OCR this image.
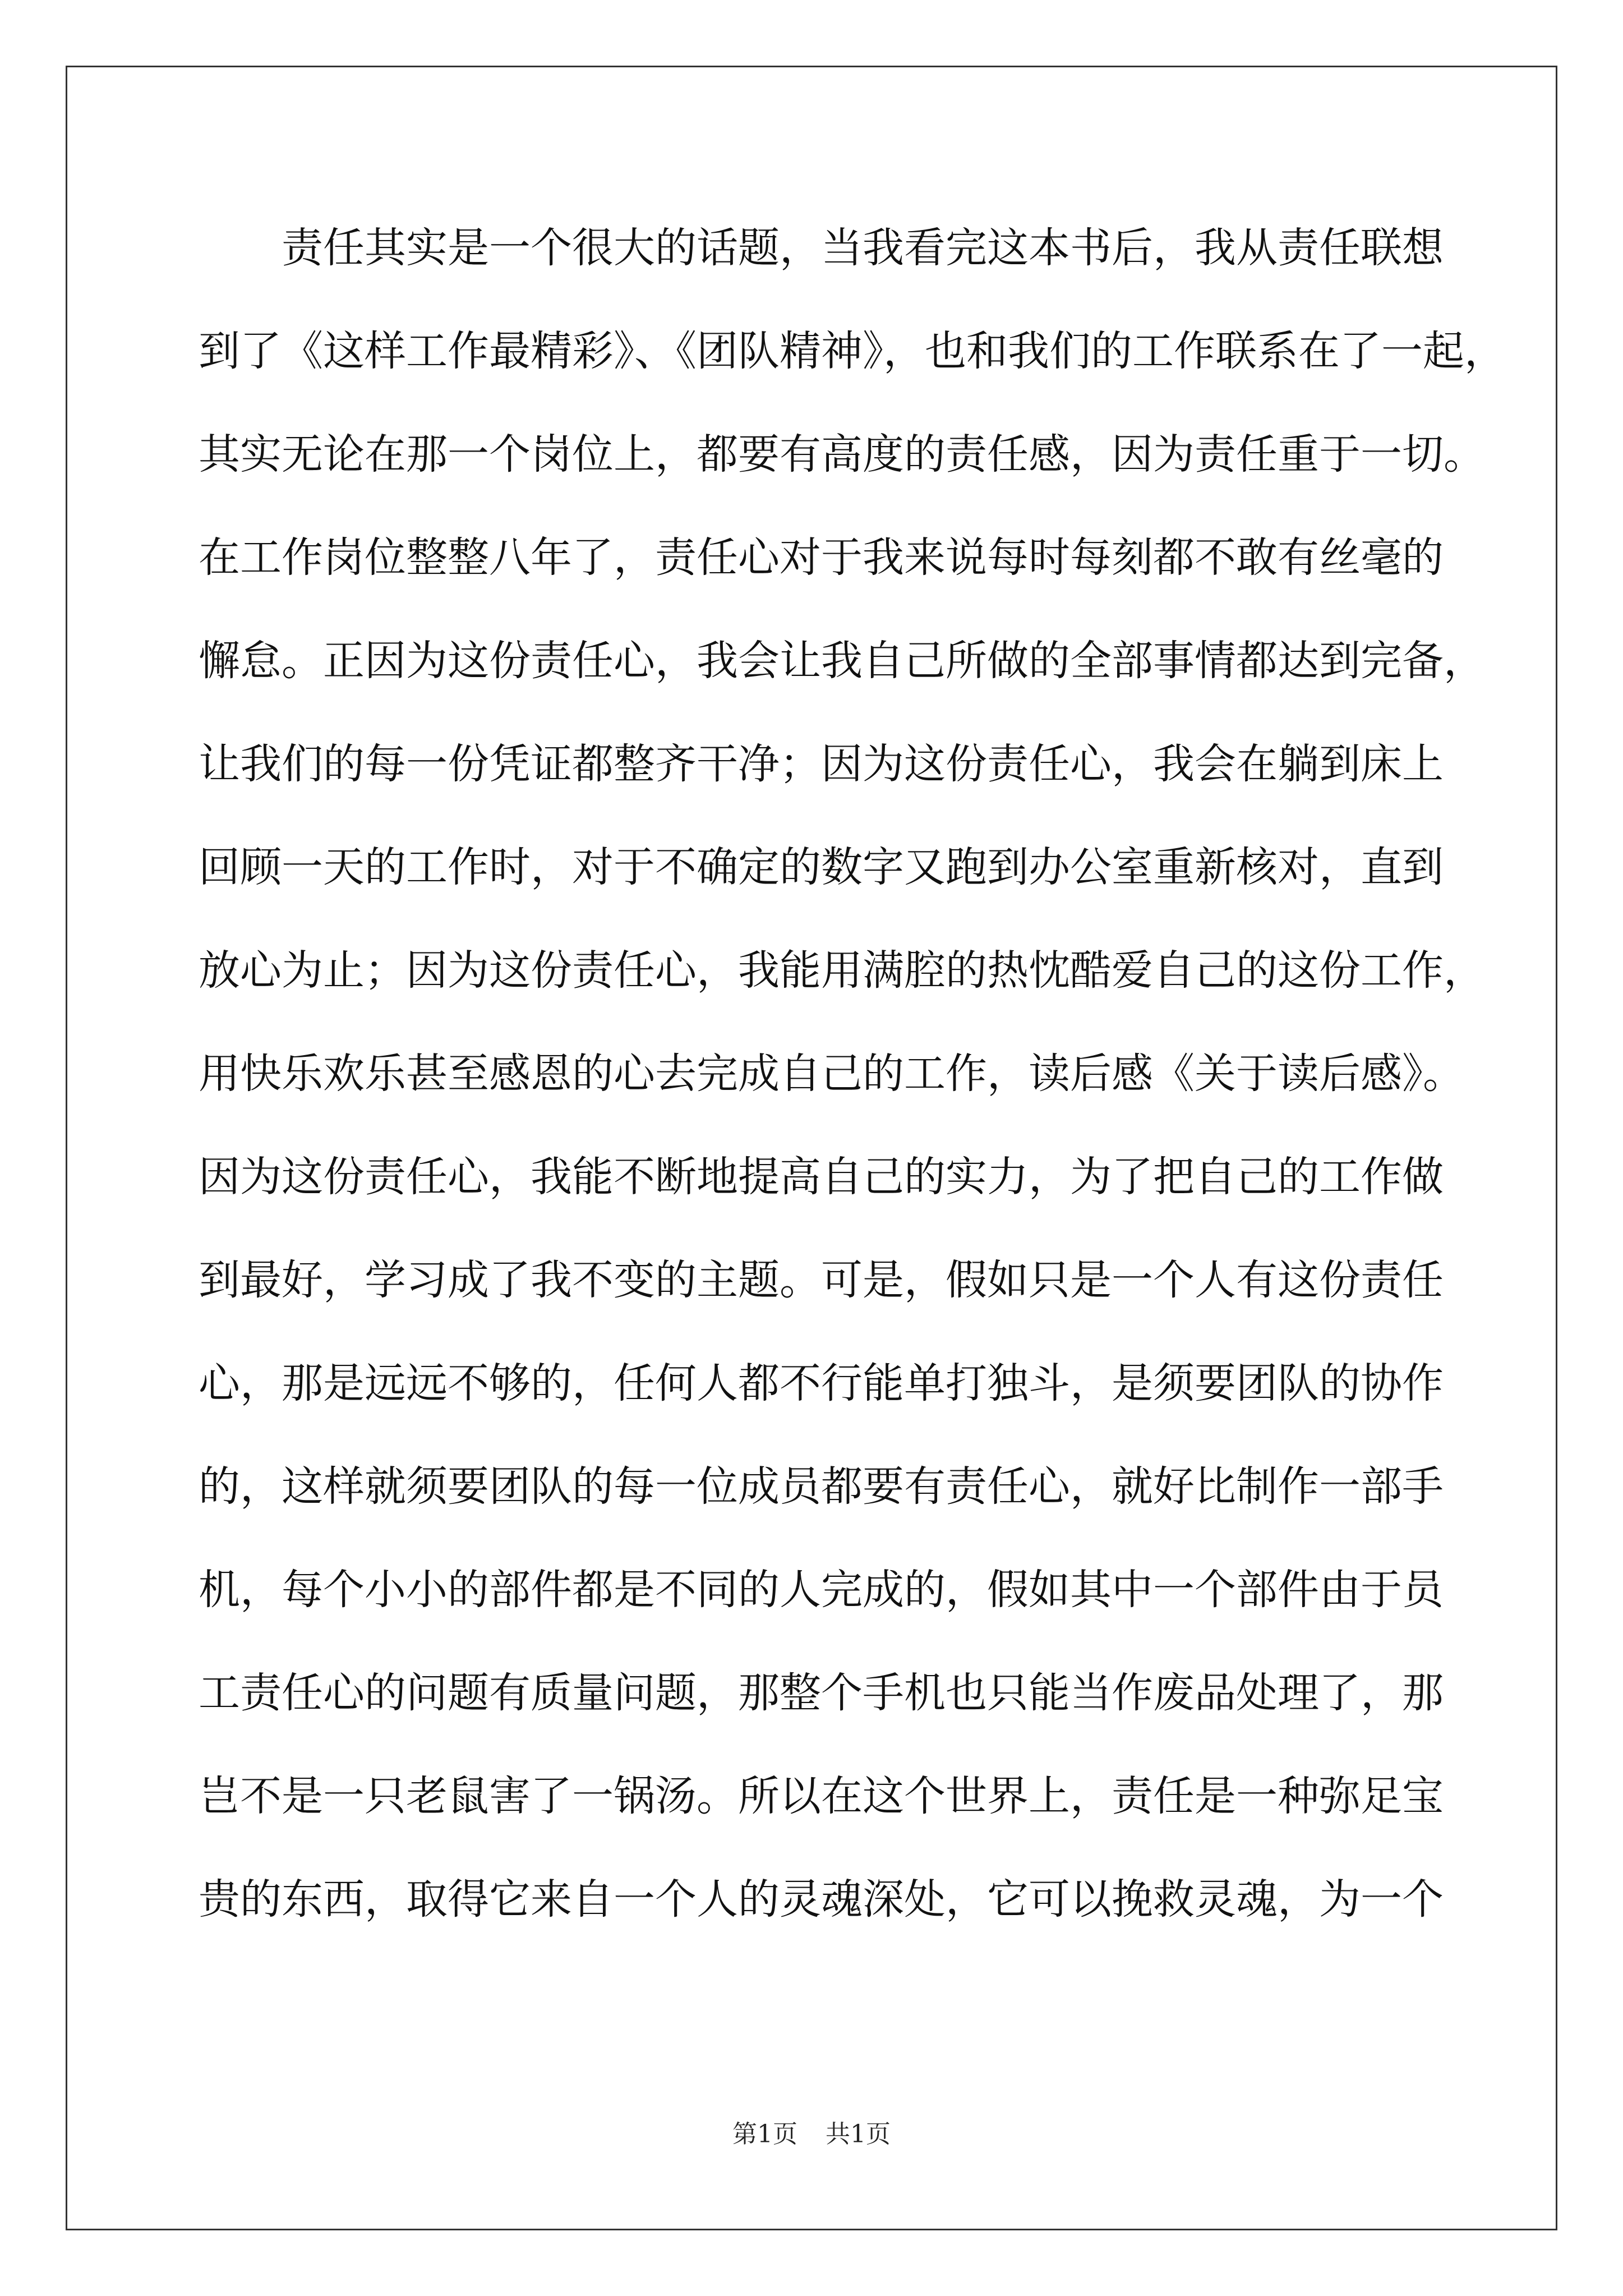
责任其实是一个很大的话题，当我看完这本书后，我从责任联想
到了《这样工作最精彩》、《团队精神》，也和我们的工作联系在了一起，
其实无论在那一个岗位上，都要有高度的责任感，因为责任重于一切。
在工作岗位整整八年了，责任心对于我来说每时每刻都不敢有丝毫的
懈怠。正因为这份责任心，我会让我自己所做的全部事情都达到完备，
让我们的每一份凭证都整齐干净；因为这份责任心，我会在躺到床上
回顾一天的工作时，对于不确定的数字又跑到办公室重新核对，直到
放心为止；因为这份责任心，我能用满腔的热忱酷爱自己的这份工作，
用快乐欢乐甚至感恩的心去完成自己的工作，读后感《关于读后感》。
因为这份责任心，我能不断地提高自己的实力，为了把自己的工作做
到最好，学习成了我不变的主题。可是，假如只是一个人有这份责任
心，那是远远不够的，任何人都不行能单打独斗，是须要团队的协作
的，这样就须要团队的每一位成员都要有责任心，就好比制作一部手
机，每个小小的部件都是不同的人完成的，假如其中一个部件由于员
工责任心的问题有质量问题，那整个手机也只能当作废品处理了，那
岂不是一只老鼠害了一锅汤。所以在这个世界上，责任是一种弥足宝
贵的东西，取得它来自一个人的灵魂深处，它可以挽救灵魂，为一个
第1页 共1页
